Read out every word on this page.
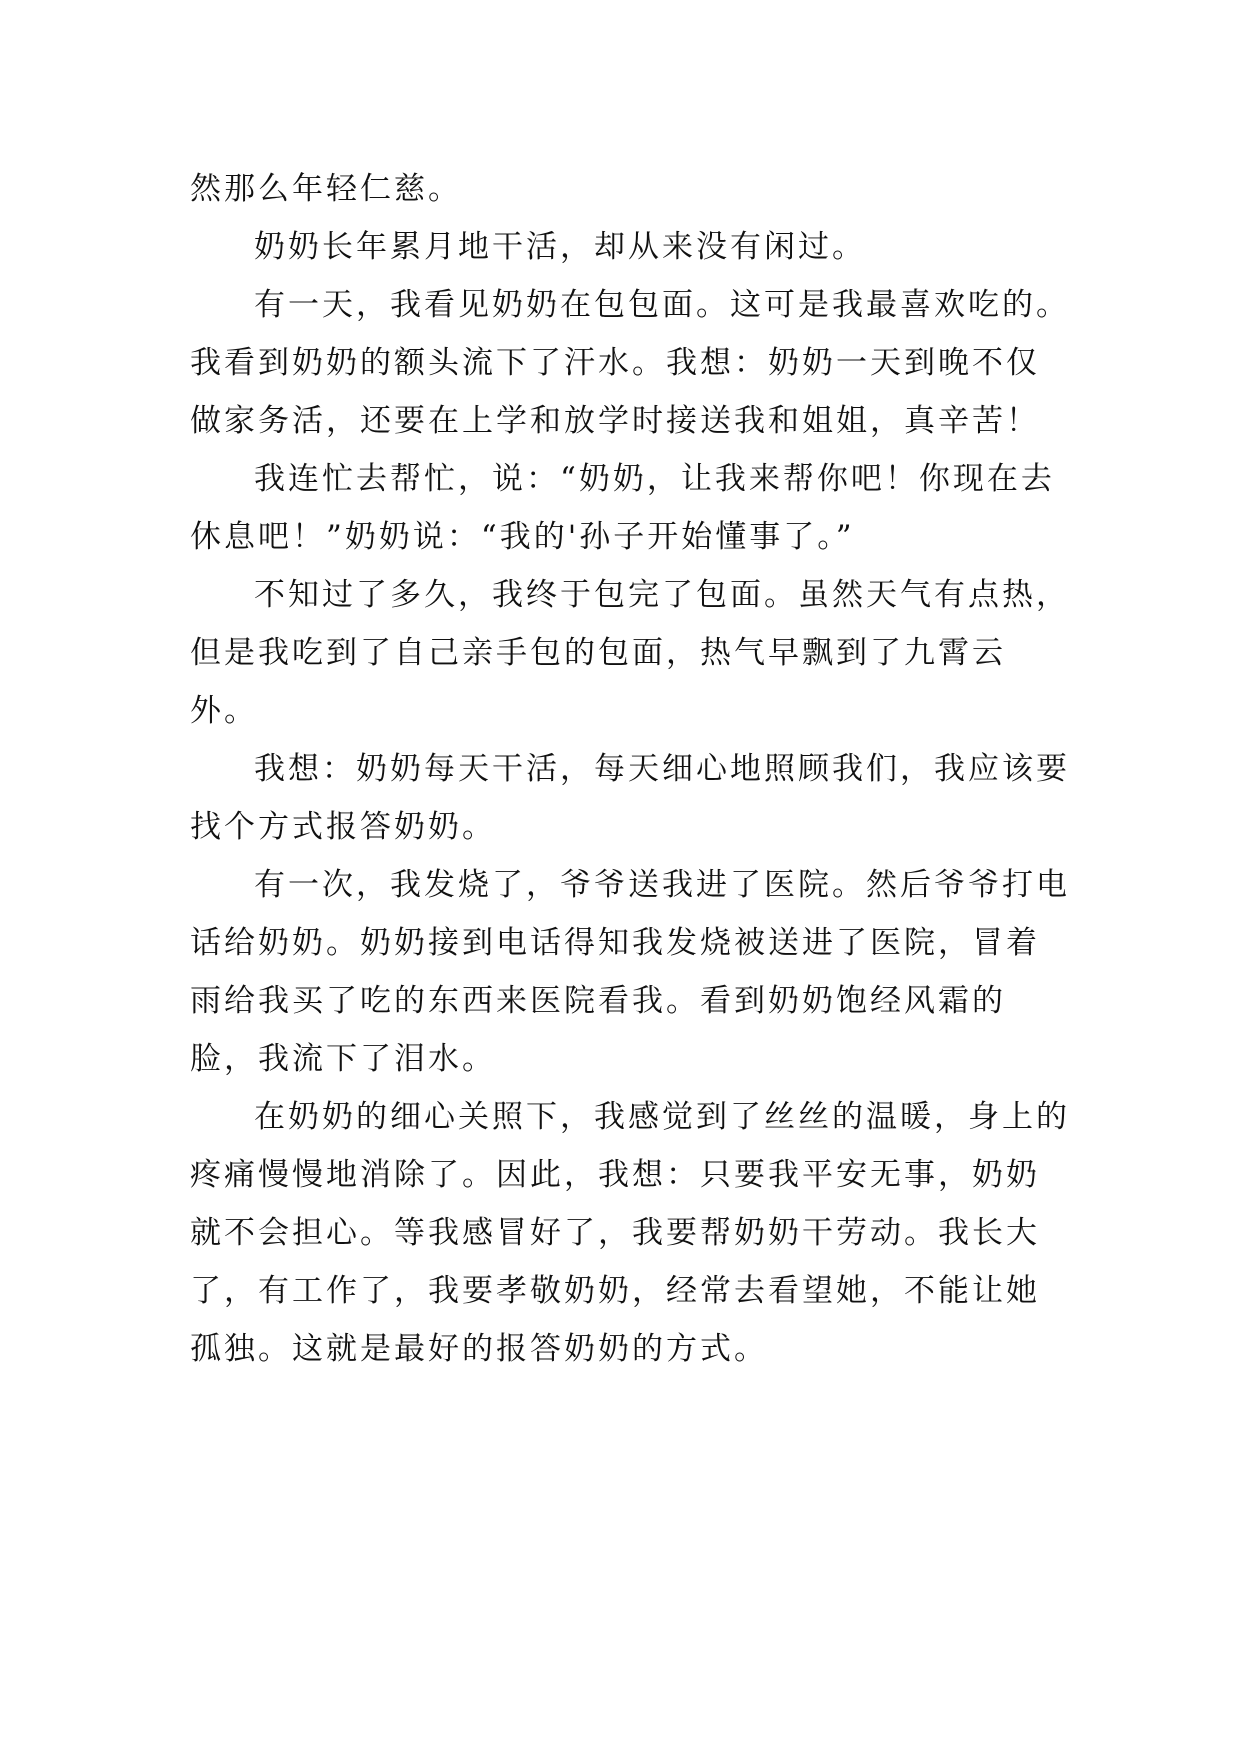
然那么年轻仁慈。

奶奶长年累月地干活，却从来没有闲过。

有一天，我看见奶奶在包包面。这可是我最喜欢吃的。我看到奶奶的额头流下了汗水。我想：奶奶一天到晚不仅做家务活，还要在上学和放学时接送我和姐姐，真辛苦！

我连忙去帮忙，说：“奶奶，让我来帮你吧！你现在去休息吧！”奶奶说：“我的'孙子开始懂事了。”

不知过了多久，我终于包完了包面。虽然天气有点热，但是我吃到了自己亲手包的包面，热气早飘到了九霄云外。

我想：奶奶每天干活，每天细心地照顾我们，我应该要找个方式报答奶奶。

有一次，我发烧了，爷爷送我进了医院。然后爷爷打电话给奶奶。奶奶接到电话得知我发烧被送进了医院，冒着雨给我买了吃的东西来医院看我。看到奶奶饱经风霜的脸，我流下了泪水。

在奶奶的细心关照下，我感觉到了丝丝的温暖，身上的疼痛慢慢地消除了。因此，我想：只要我平安无事，奶奶就不会担心。等我感冒好了，我要帮奶奶干劳动。我长大了，有工作了，我要孝敬奶奶，经常去看望她，不能让她孤独。这就是最好的报答奶奶的方式。
